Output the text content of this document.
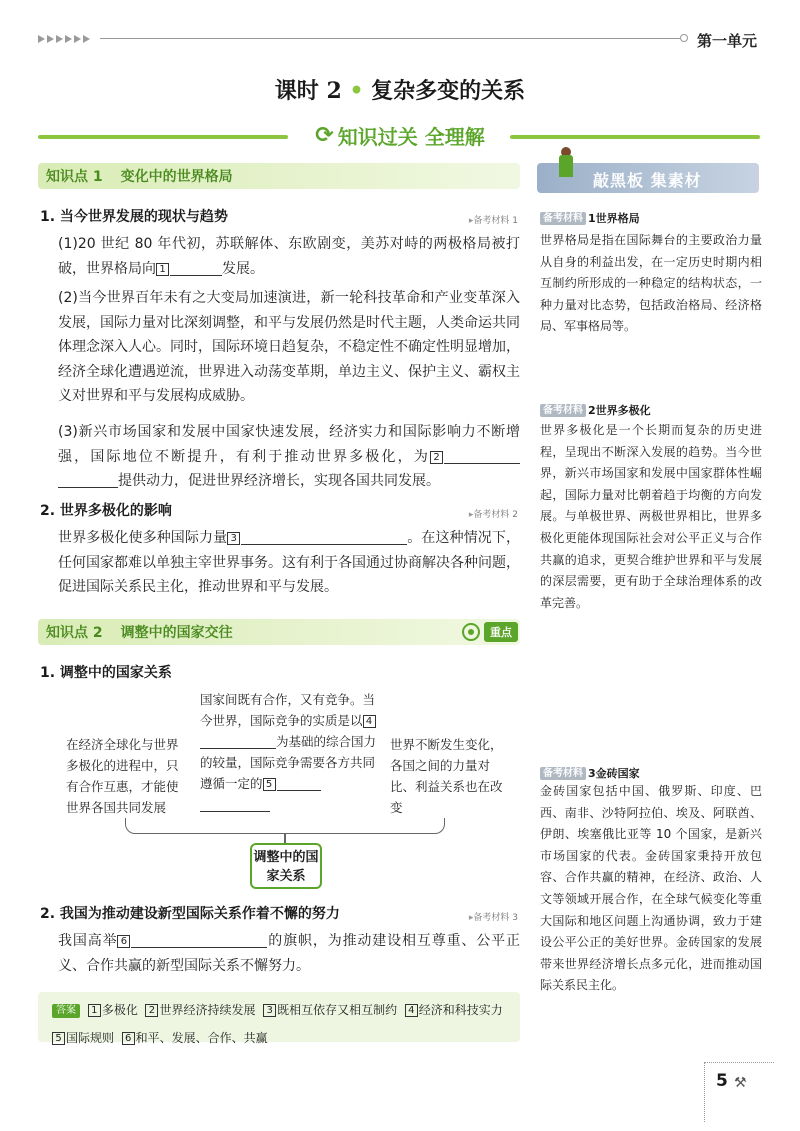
第一单元
课时 2 • 复杂多变的关系
⟳ 知识过关 全理解
知识点 1 变化中的世界格局
1. 当今世界发展的现状与趋势	▸备考材料 1
(1)20 世纪 80 年代初，苏联解体、东欧剧变，美苏对峙的两极格局被打破，世界格局向 1	发展。
(2)当今世界百年未有之大变局加速演进，新一轮科技革命和产业变革深入发展，国际力量对比深刻调整，和平与发展仍然是时代主题，人类命运共同体理念深入人心。同时，国际环境日趋复杂，不稳定性不确定性明显增加，经济全球化遭遇逆流，世界进入动荡变革期，单边主义、保护主义、霸权主义对世界和平与发展构成威胁。
(3)新兴市场国家和发展中国家快速发展，经济实力和国际影响力不断增强，国际地位不断提升，有利于推动世界多极化，为 2提供动力，促进世界经济增长，实现各国共同发展。
2. 世界多极化的影响	▸备考材料 2
世界多极化使多种国际力量 3	。在这种情况下，任何国家都难以单独主宰世界事务。这有利于各国通过协商解决各种问题，促进国际关系民主化，推动世界和平与发展。
知识点 2 调整中的国家交往	重点
1. 调整中的国家关系
在经济全球化与世界多极化的进程中，只有合作互惠，才能使世界各国共同发展
国家间既有合作，又有竞争。当今世界，国际竞争的实质是以 4为基础的综合国力的较量，国际竞争需要各方共同遵循一定的 5

世界不断发生变化，各国之间的力量对比、利益关系也在改变
调整中的国家关系
2. 我国为推动建设新型国际关系作着不懈的努力	▸备考材料 3
我国高举 6	的旗帜，为推动建设相互尊重、公平正义、合作共赢的新型国际关系不懈努力。
答案 1 多极化 2 世界经济持续发展 3 既相互依存又相互制约 4 经济和科技实力  5 国际规则 6 和平、发展、合作、共赢
敲黑板 集素材
备考材料 1世界格局
世界格局是指在国际舞台的主要政治力量从自身的利益出发，在一定历史时期内相互制约所形成的一种稳定的结构状态，一种力量对比态势，包括政治格局、经济格局、军事格局等。
备考材料 2世界多极化
世界多极化是一个长期而复杂的历史进程，呈现出不断深入发展的趋势。当今世界，新兴市场国家和发展中国家群体性崛起，国际力量对比朝着趋于均衡的方向发展。与单极世界、两极世界相比，世界多极化更能体现国际社会对公平正义与合作共赢的追求，更契合维护世界和平与发展的深层需要，更有助于全球治理体系的改革完善。
备考材料 3金砖国家
金砖国家包括中国、俄罗斯、印度、巴西、南非、沙特阿拉伯、埃及、阿联酋、伊朗、埃塞俄比亚等 10 个国家，是新兴市场国家的代表。金砖国家秉持开放包容、合作共赢的精神，在经济、政治、人文等领域开展合作，在全球气候变化等重大国际和地区问题上沟通协调，致力于建设公平公正的美好世界。金砖国家的发展带来世界经济增长点多元化，进而推动国际关系民主化。
5 ⚒
